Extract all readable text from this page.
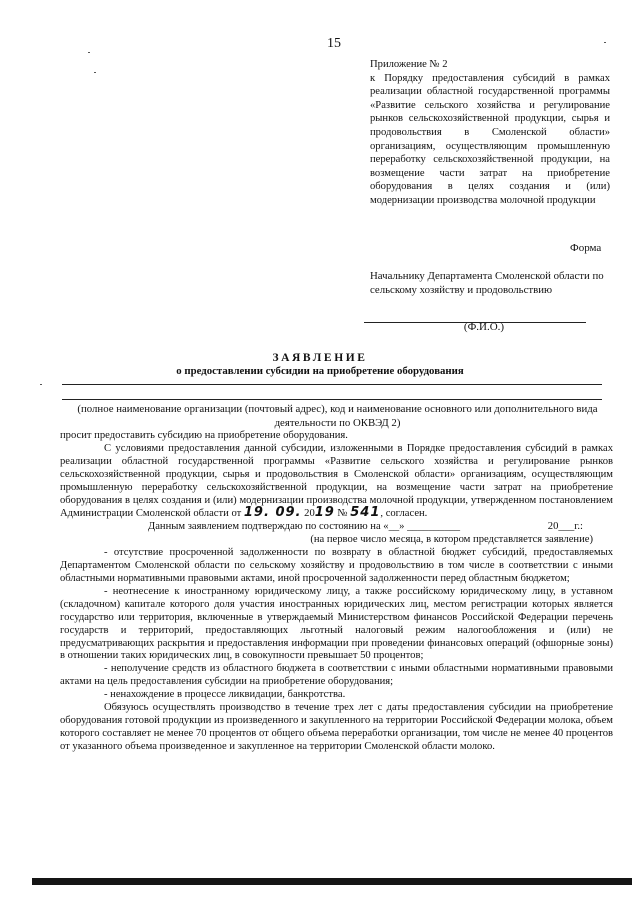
15
Приложение № 2
к Порядку предоставления субсидий в рамках реализации областной государственной программы «Развитие сельского хозяйства и регулирование рынков сельскохозяйственной продукции, сырья и продовольствия в Смоленской области» организациям, осуществляющим промышленную переработку сельскохозяйственной продукции, на возмещение части затрат на приобретение оборудования в целях создания и (или) модернизации производства молочной продукции
Форма
Начальнику Департамента Смоленской области по сельскому хозяйству и продовольствию
(Ф.И.О.)
ЗАЯВЛЕНИЕ
о предоставлении субсидии на приобретение оборудования
(полное наименование организации (почтовый адрес), код и наименование основного или дополнительного вида деятельности по ОКВЭД 2)

просит предоставить субсидию на приобретение оборудования.

С условиями предоставления данной субсидии, изложенными в Порядке предоставления субсидий в рамках реализации областной государственной программы «Развитие сельского хозяйства и регулирование рынков сельскохозяйственной продукции, сырья и продовольствия в Смоленской области» организациям, осуществляющим промышленную переработку сельскохозяйственной продукции, на возмещение части затрат на приобретение оборудования в целях создания и (или) модернизации производства молочной продукции, утвержденном постановлением Администрации Смоленской области от 19. 09. 2019 № 541, согласен.

Данным заявлением подтверждаю по состоянию на «__» __________	20___г.:

(на первое число месяца, в котором представляется заявление)

- отсутствие просроченной задолженности по возврату в областной бюджет субсидий, предоставляемых Департаментом Смоленской области по сельскому хозяйству и продовольствию в том числе в соответствии с иными областными нормативными правовыми актами, иной просроченной задолженности перед областным бюджетом;

- неотнесение к иностранному юридическому лицу, а также российскому юридическому лицу, в уставном (складочном) капитале которого доля участия иностранных юридических лиц, местом регистрации которых является государство или территория, включенные в утверждаемый Министерством финансов Российской Федерации перечень государств и территорий, предоставляющих льготный налоговый режим налогообложения и (или) не предусматривающих раскрытия и предоставления информации при проведении финансовых операций (офшорные зоны) в отношении таких юридических лиц, в совокупности превышает 50 процентов;

- неполучение средств из областного бюджета в соответствии с иными областными нормативными правовыми актами на цель предоставления субсидии на приобретение оборудования;

- ненахождение в процессе ликвидации, банкротства.

Обязуюсь осуществлять производство в течение трех лет с даты предоставления субсидии на приобретение оборудования готовой продукции из произведенного и закупленного на территории Российской Федерации молока, объем которого составляет не менее 70 процентов от общего объема переработки организации, том числе не менее 40 процентов от указанного объема произведенное и закупленное на территории Смоленской области молоко.
